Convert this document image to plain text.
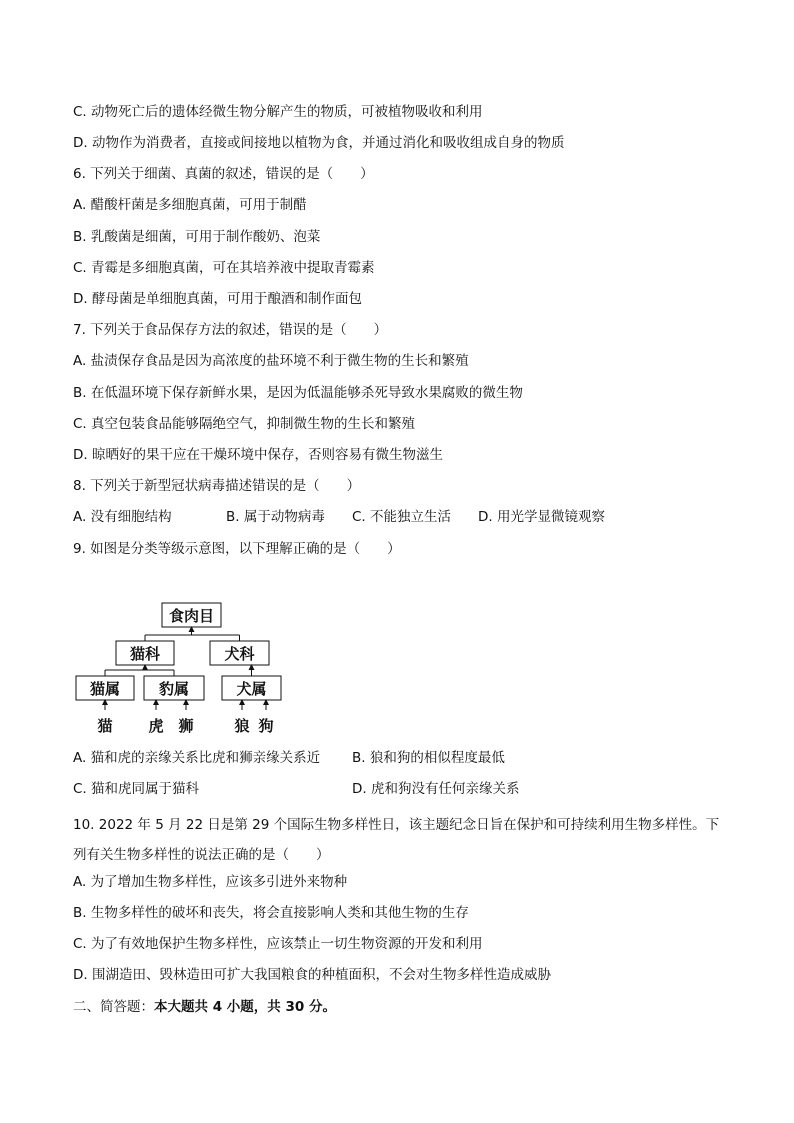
C. 动物死亡后的遗体经微生物分解产生的物质，可被植物吸收和利用
D. 动物作为消费者，直接或间接地以植物为食，并通过消化和吸收组成自身的物质
6. 下列关于细菌、真菌的叙述，错误的是（　　）
A. 醋酸杆菌是多细胞真菌，可用于制醋
B. 乳酸菌是细菌，可用于制作酸奶、泡菜
C. 青霉是多细胞真菌，可在其培养液中提取青霉素
D. 酵母菌是单细胞真菌，可用于酿酒和制作面包
7. 下列关于食品保存方法的叙述，错误的是（　　）
A. 盐渍保存食品是因为高浓度的盐环境不利于微生物的生长和繁殖
B. 在低温环境下保存新鲜水果，是因为低温能够杀死导致水果腐败的微生物
C. 真空包装食品能够隔绝空气，抑制微生物的生长和繁殖
D. 晾晒好的果干应在干燥环境中保存，否则容易有微生物滋生
8. 下列关于新型冠状病毒描述错误的是（　　）
A. 没有细胞结构	B. 属于动物病毒 C. 不能独立生活 D. 用光学显微镜观察
9. 如图是分类等级示意图，以下理解正确的是（　　）
食肉目
猫科	犬科
猫属	豹属	犬属
猫 虎 狮	狼 狗
A. 猫和虎的亲缘关系比虎和狮亲缘关系近 B. 狼和狗的相似程度最低
C. 猫和虎同属于猫科	D. 虎和狗没有任何亲缘关系
10. 2022 年 5 月 22 日是第 29 个国际生物多样性日，该主题纪念日旨在保护和可持续利用生物多样性。下列有关生物多样性的说法正确的是（　　）
A. 为了增加生物多样性，应该多引进外来物种
B. 生物多样性的破坏和丧失，将会直接影响人类和其他生物的生存
C. 为了有效地保护生物多样性，应该禁止一切生物资源的开发和利用
D. 围湖造田、毁林造田可扩大我国粮食的种植面积，不会对生物多样性造成威胁
二、简答题：本大题共 4 小题，共 30 分。
